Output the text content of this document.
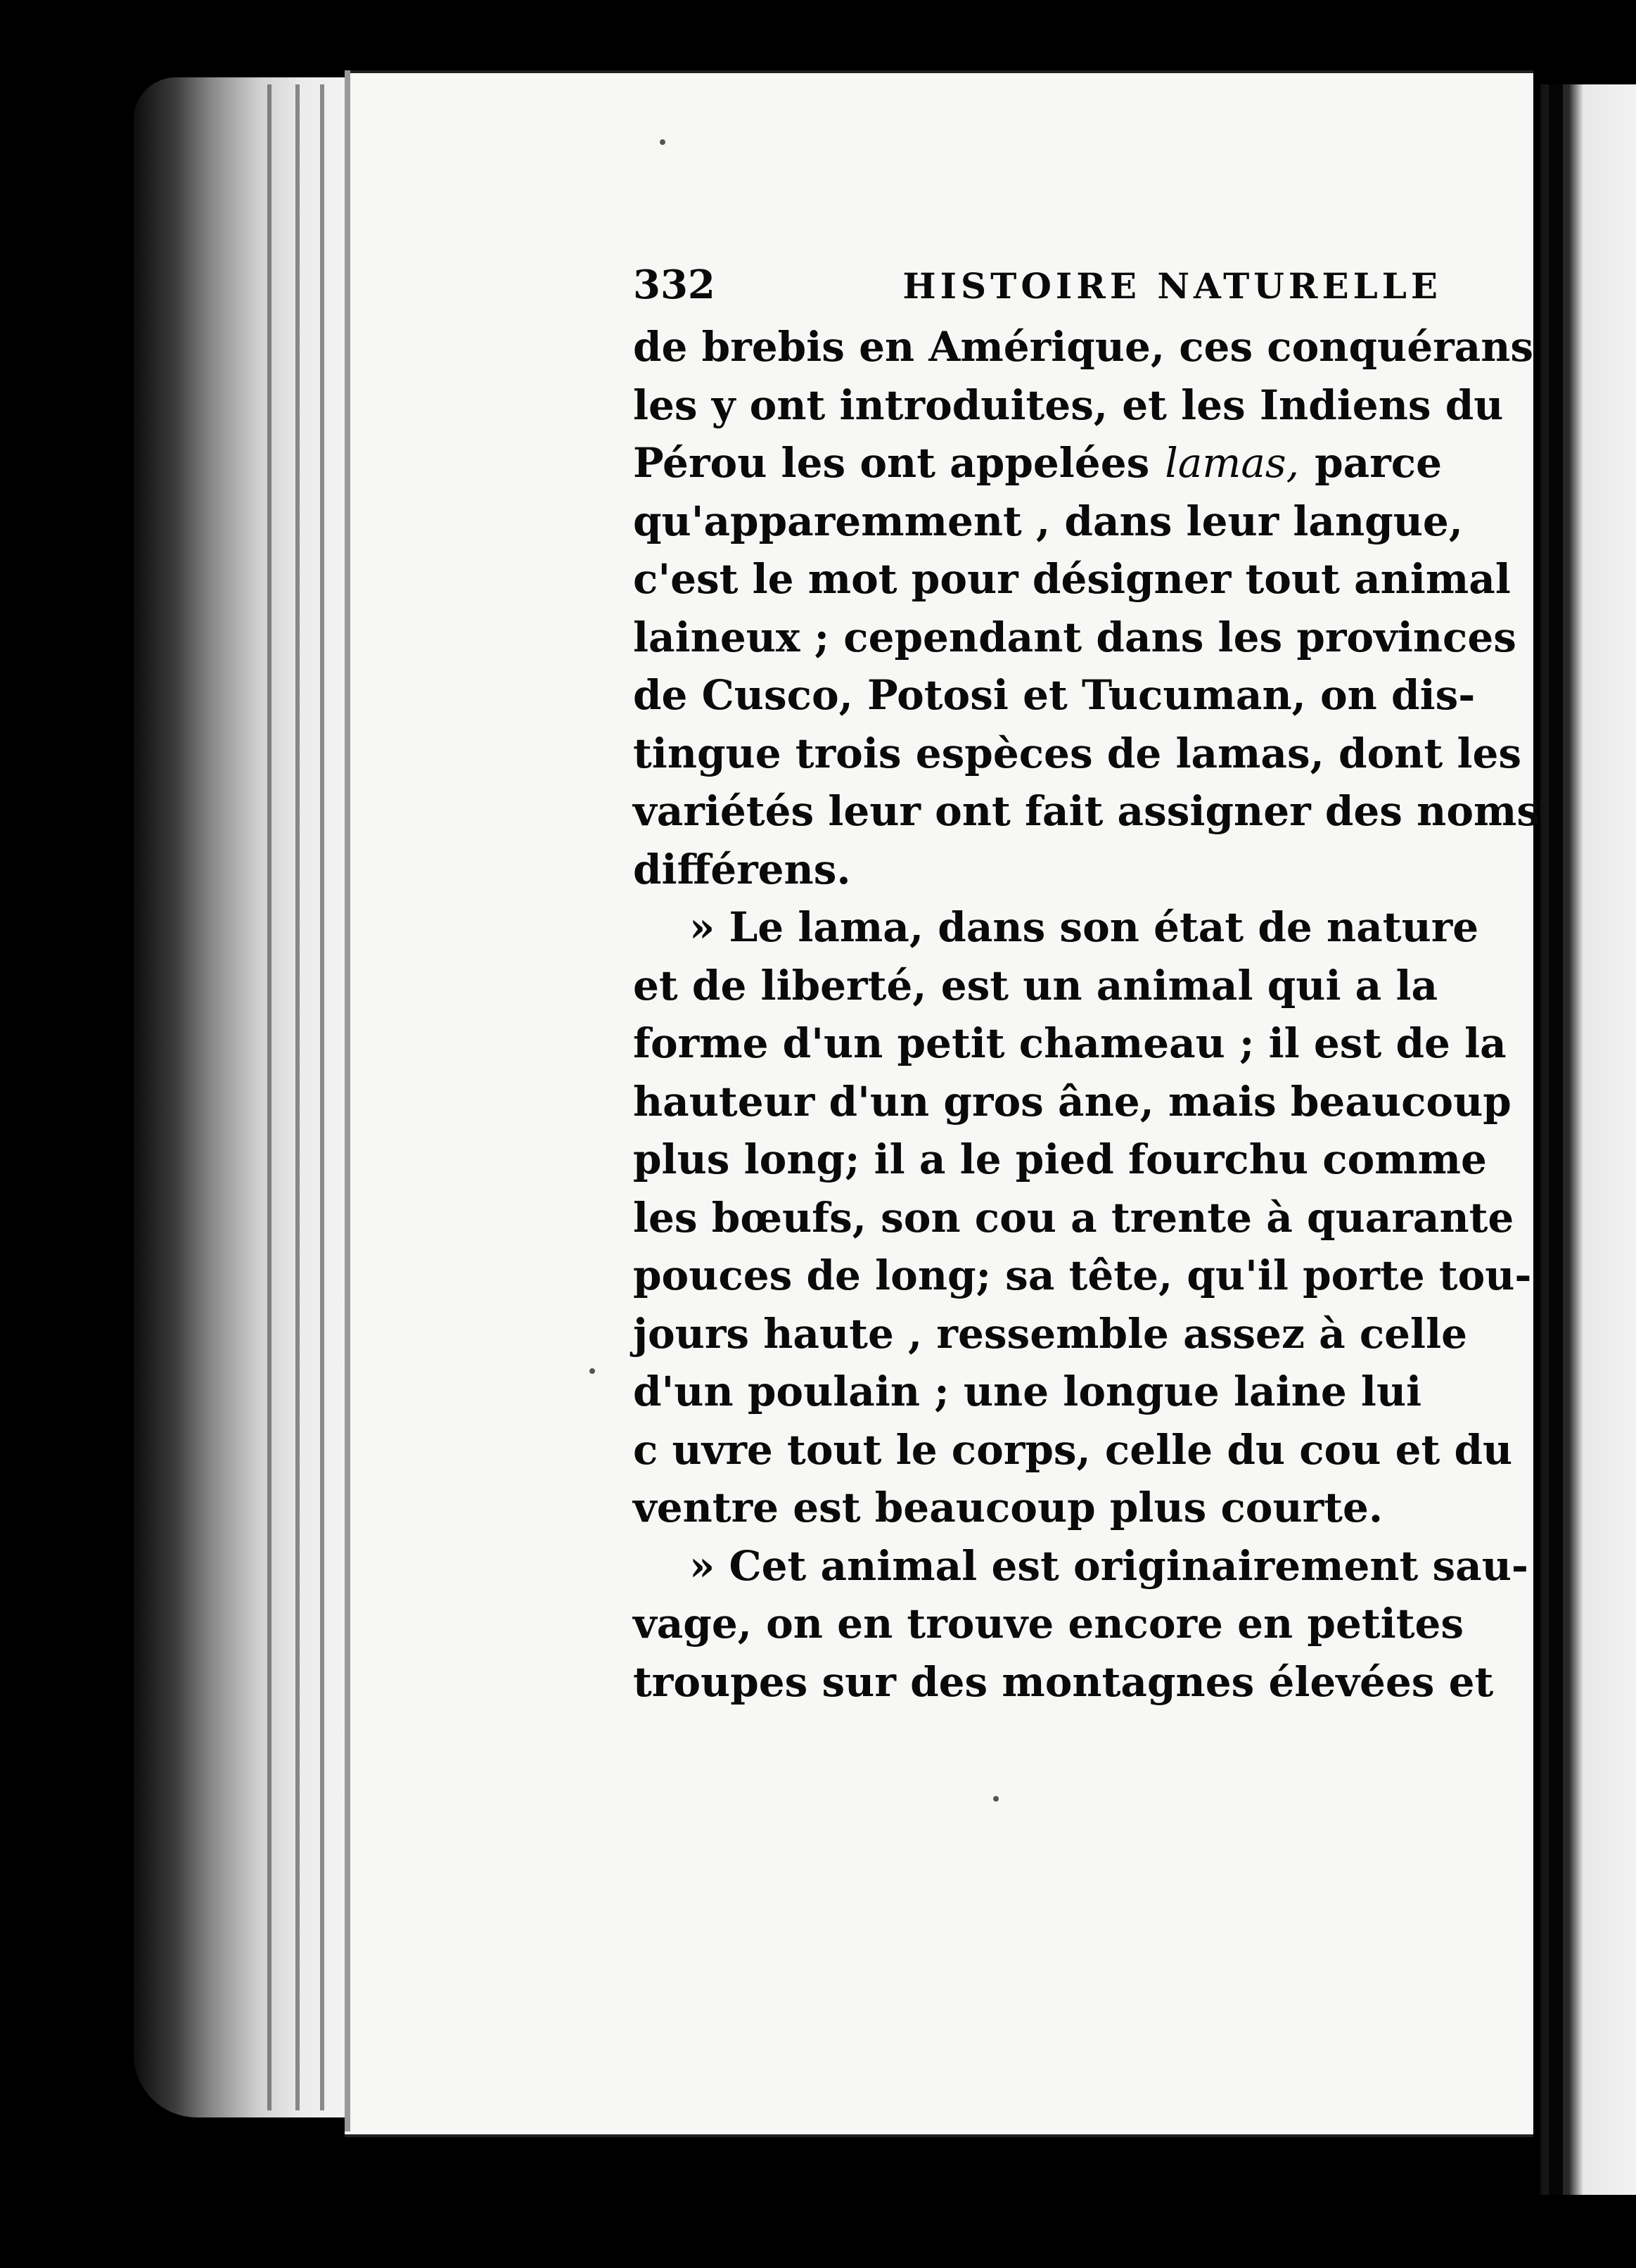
332	HISTOIRE NATURELLE
de brebis en Amérique, ces conquérans
les y ont introduites, et les Indiens du
Pérou les ont appelées lamas, parce
qu'apparemment , dans leur langue,
c'est le mot pour désigner tout animal
laineux ; cependant dans les provinces
de Cusco, Potosi et Tucuman, on dis-
tingue trois espèces de lamas, dont les
variétés leur ont fait assigner des noms
différens.
» Le lama, dans son état de nature
et de liberté, est un animal qui a la
forme d'un petit chameau ; il est de la
hauteur d'un gros âne, mais beaucoup
plus long; il a le pied fourchu comme
les bœufs, son cou a trente à quarante
pouces de long; sa tête, qu'il porte tou-
jours haute , ressemble assez à celle
d'un poulain ; une longue laine lui
c uvre tout le corps, celle du cou et du
ventre est beaucoup plus courte.
» Cet animal est originairement sau-
vage, on en trouve encore en petites
troupes sur des montagnes élevées et
